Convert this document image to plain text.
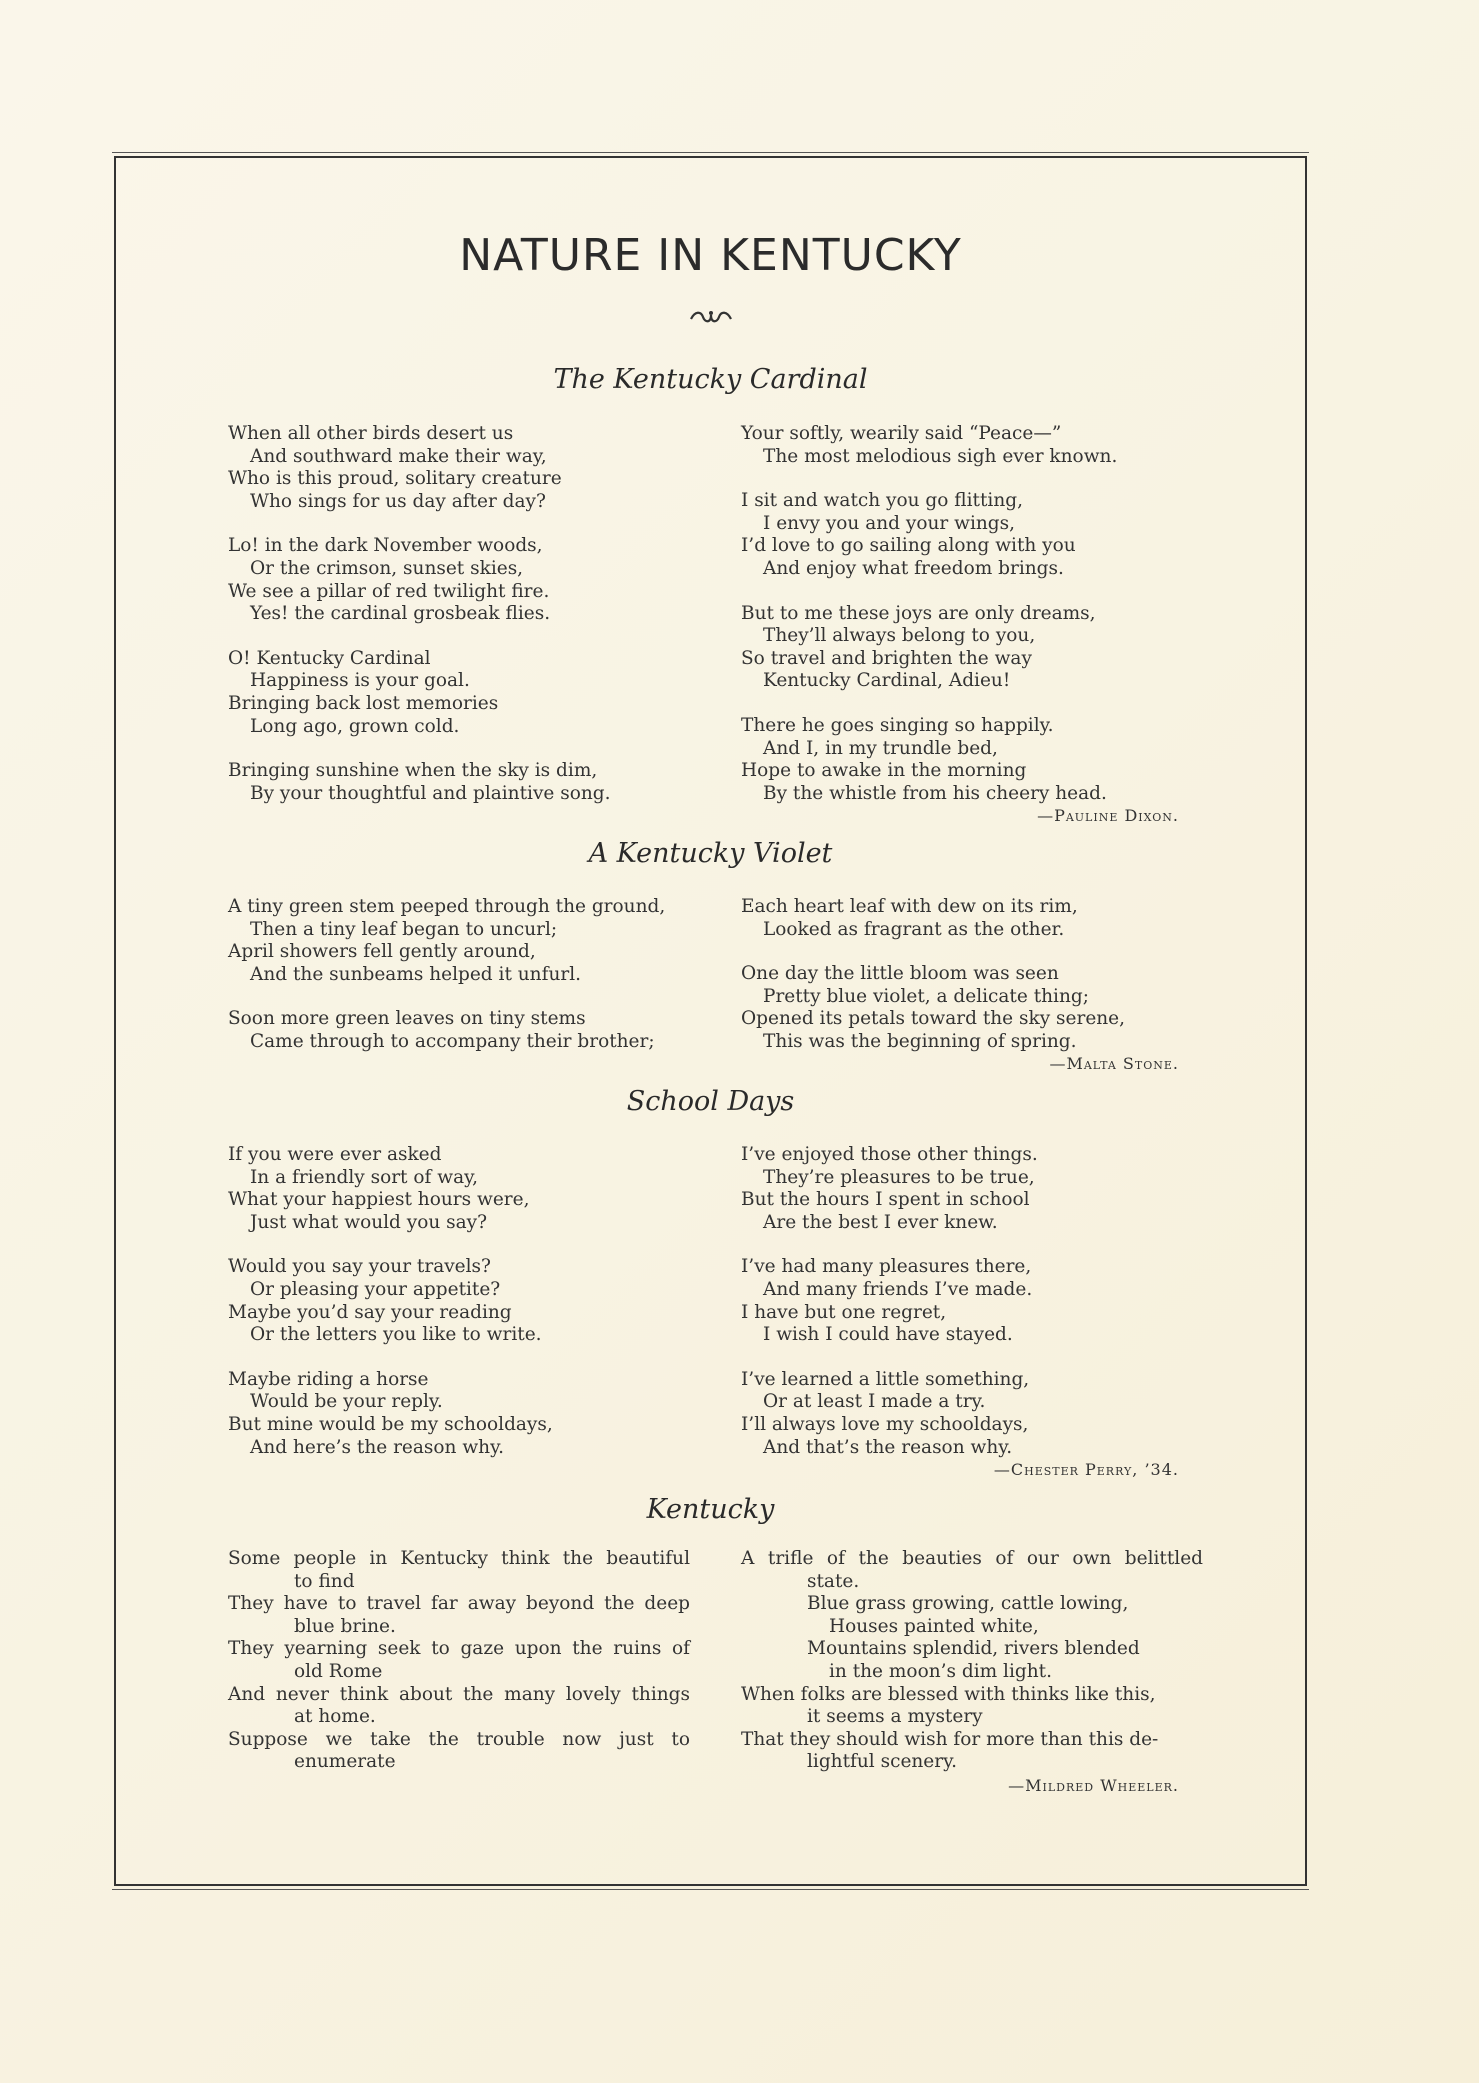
NATURE IN KENTUCKY
The Kentucky Cardinal
When all other birds desert us
And southward make their way,
Who is this proud, solitary creature
Who sings for us day after day?
Lo! in the dark November woods,
Or the crimson, sunset skies,
We see a pillar of red twilight fire.
Yes! the cardinal grosbeak flies.
O! Kentucky Cardinal
Happiness is your goal.
Bringing back lost memories
Long ago, grown cold.
Bringing sunshine when the sky is dim,
By your thoughtful and plaintive song.
Your softly, wearily said “Peace—”
The most melodious sigh ever known.
I sit and watch you go flitting,
I envy you and your wings,
I’d love to go sailing along with you
And enjoy what freedom brings.
But to me these joys are only dreams,
They’ll always belong to you,
So travel and brighten the way
Kentucky Cardinal, Adieu!
There he goes singing so happily.
And I, in my trundle bed,
Hope to awake in the morning
By the whistle from his cheery head.
—Pauline Dixon.
A Kentucky Violet
A tiny green stem peeped through the ground,
Then a tiny leaf began to uncurl;
April showers fell gently around,
And the sunbeams helped it unfurl.
Soon more green leaves on tiny stems
Came through to accompany their brother;
Each heart leaf with dew on its rim,
Looked as fragrant as the other.
One day the little bloom was seen
Pretty blue violet, a delicate thing;
Opened its petals toward the sky serene,
This was the beginning of spring.
—Malta Stone.
School Days
If you were ever asked
In a friendly sort of way,
What your happiest hours were,
Just what would you say?
Would you say your travels?
Or pleasing your appetite?
Maybe you’d say your reading
Or the letters you like to write.
Maybe riding a horse
Would be your reply.
But mine would be my schooldays,
And here’s the reason why.
I’ve enjoyed those other things.
They’re pleasures to be true,
But the hours I spent in school
Are the best I ever knew.
I’ve had many pleasures there,
And many friends I’ve made.
I have but one regret,
I wish I could have stayed.
I’ve learned a little something,
Or at least I made a try.
I’ll always love my schooldays,
And that’s the reason why.
—Chester Perry, ’34.
Kentucky
Some people in Kentucky think the beautiful
to find
They have to travel far away beyond the deep
blue brine.
They yearning seek to gaze upon the ruins of
old Rome
And never think about the many lovely things
at home.
Suppose we take the trouble now just to
enumerate
A trifle of the beauties of our own belittled
state.
Blue grass growing, cattle lowing,
Houses painted white,
Mountains splendid, rivers blended
in the moon’s dim light.
When folks are blessed with thinks like this,
it seems a mystery
That they should wish for more than this de-
lightful scenery.
—Mildred Wheeler.
